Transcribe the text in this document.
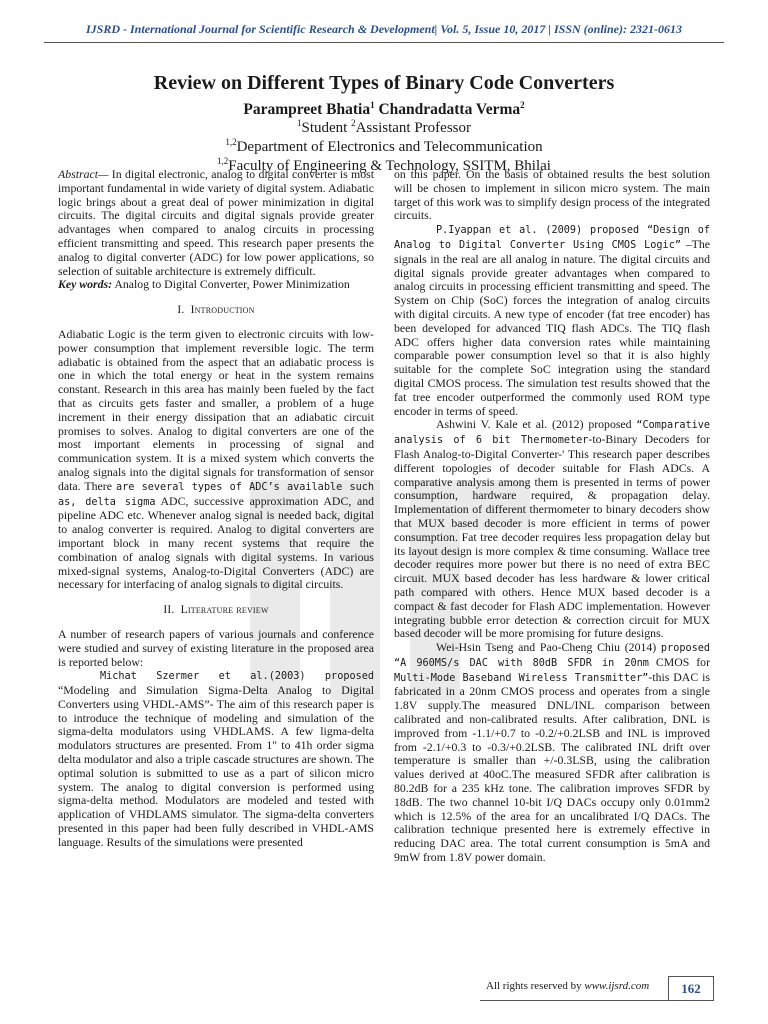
IJSRD - International Journal for Scientific Research & Development| Vol. 5, Issue 10, 2017 | ISSN (online): 2321-0613
Review on Different Types of Binary Code Converters
Parampreet Bhatia$^1$ Chandradatta Verma$^2$
$^1$Student $^2$Assistant Professor
$^{1,2}$Department of Electronics and Telecommunication
$^{1,2}$Faculty of Engineering & Technology, SSITM, Bhilai

Abstract— In digital electronic, analog to digital converter is most important fundamental in wide variety of digital system. Adiabatic logic brings about a great deal of power minimization in digital circuits. The digital circuits and digital signals provide greater advantages when compared to analog circuits in processing efficient transmitting and speed. This research paper presents the analog to digital converter (ADC) for low power applications, so selection of suitable architecture is extremely difficult.

Key words: Analog to Digital Converter, Power Minimization

I. Introduction

Adiabatic Logic is the term given to electronic circuits with low-power consumption that implement reversible logic. The term adiabatic is obtained from the aspect that an adiabatic process is one in which the total energy or heat in the system remains constant. Research in this area has mainly been fueled by the fact that as circuits gets faster and smaller, a problem of a huge increment in their energy dissipation that an adiabatic circuit promises to solves. Analog to digital converters are one of the most important elements in processing of signal and communication system. It is a mixed system which converts the analog signals into the digital signals for transformation of sensor data. There are several types of ADC’s available such as, delta sigma ADC, successive approximation ADC, and pipeline ADC etc. Whenever analog signal is needed back, digital to analog converter is required. Analog to digital converters are important block in many recent systems that require the combination of analog signals with digital systems. In various mixed-signal systems, Analog-to-Digital Converters (ADC) are necessary for interfacing of analog signals to digital circuits.

II. Literature review

A number of research papers of various journals and conference were studied and survey of existing literature in the proposed area is reported below:

Michat Szermer et al.(2003) proposed “Modeling and Simulation Sigma-Delta Analog to Digital Converters using VHDL-AMS”- The aim of this research paper is to introduce the technique of modeling and simulation of the sigma-delta modulators using VHDLAMS. A few ligma-delta modulators structures are presented. From 1" to 41h order sigma delta modulator and also a triple cascade structures are shown. The optimal solution is submitted to use as a part of silicon micro system. The analog to digital conversion is performed using sigma-delta method. Modulators are modeled and tested with application of VHDLAMS simulator. The sigma-delta converters presented in this paper had been fully described in VHDL-AMS language. Results of the simulations were presented

on this paper. On the basis of obtained results the best solution will be chosen to implement in silicon micro system. The main target of this work was to simplify design process of the integrated circuits.

P.Iyappan et al. (2009) proposed “Design of Analog to Digital Converter Using CMOS Logic” –The signals in the real are all analog in nature. The digital circuits and digital signals provide greater advantages when compared to analog circuits in processing efficient transmitting and speed. The System on Chip (SoC) forces the integration of analog circuits with digital circuits. A new type of encoder (fat tree encoder) has been developed for advanced TIQ flash ADCs. The TIQ flash ADC offers higher data conversion rates while maintaining comparable power consumption level so that it is also highly suitable for the complete SoC integration using the standard digital CMOS process. The simulation test results showed that the fat tree encoder outperformed the commonly used ROM type encoder in terms of speed.

Ashwini V. Kale et al. (2012) proposed “Comparative analysis of 6 bit Thermometer-to-Binary Decoders for Flash Analog-to-Digital Converter-' This research paper describes different topologies of decoder suitable for Flash ADCs. A comparative analysis among them is presented in terms of power consumption, hardware required, & propagation delay. Implementation of different thermometer to binary decoders show that MUX based decoder is more efficient in terms of power consumption. Fat tree decoder requires less propagation delay but its layout design is more complex & time consuming. Wallace tree decoder requires more power but there is no need of extra BEC circuit. MUX based decoder has less hardware & lower critical path compared with others. Hence MUX based decoder is a compact & fast decoder for Flash ADC implementation. However integrating bubble error detection & correction circuit for MUX based decoder will be more promising for future designs.

Wei-Hsin Tseng and Pao-Cheng Chiu (2014) proposed “A 960MS/s DAC with 80dB SFDR in 20nm CMOS for Multi-Mode Baseband Wireless Transmitter”-this DAC is fabricated in a 20nm CMOS process and operates from a single 1.8V supply.The measured DNL/INL comparison between calibrated and non-calibrated results. After calibration, DNL is improved from -1.1/+0.7 to -0.2/+0.2LSB and INL is improved from -2.1/+0.3 to -0.3/+0.2LSB. The calibrated INL drift over temperature is smaller than +/-0.3LSB, using the calibration values derived at 40oC.The measured SFDR after calibration is 80.2dB for a 235 kHz tone. The calibration improves SFDR by 18dB. The two channel 10-bit I/Q DACs occupy only 0.01mm2 which is 12.5% of the area for an uncalibrated I/Q DACs. The calibration technique presented here is extremely effective in reducing DAC area. The total current consumption is 5mA and 9mW from 1.8V power domain.

All rights reserved by www.ijsrd.com	162
